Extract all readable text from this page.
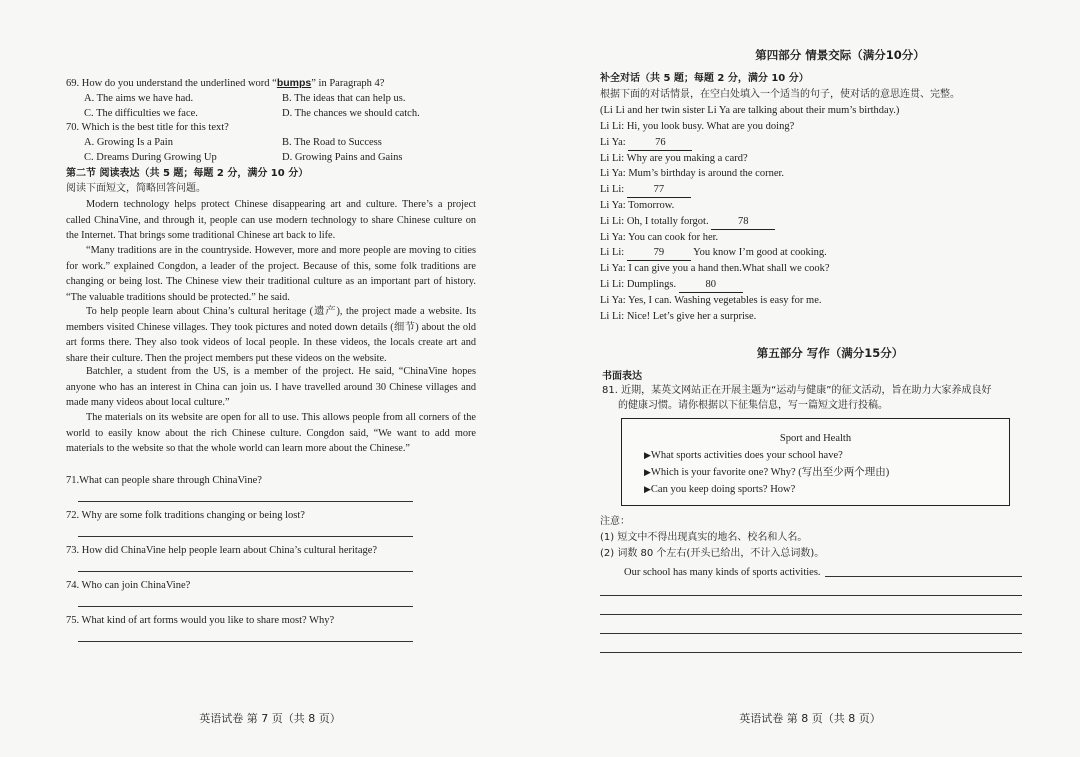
69. How do you understand the underlined word “bumps” in Paragraph 4?
A. The aims we have had.	B. The ideas that can help us.
C. The difficulties we face.	D. The chances we should catch.
70. Which is the best title for this text?
A. Growing Is a Pain	B. The Road to Success
C. Dreams During Growing Up	D. Growing Pains and Gains
第二节 阅读表达（共 5 题；每题 2 分，满分 10 分）
阅读下面短文，简略回答问题。
Modern technology helps protect Chinese disappearing art and culture. There’s a project called ChinaVine, and through it, people can use modern technology to share Chinese culture on the Internet. That brings some traditional Chinese art back to life.
“Many traditions are in the countryside. However, more and more people are moving to cities for work.” explained Congdon, a leader of the project. Because of this, some folk traditions are changing or being lost. The Chinese view their traditional culture as an important part of history. “The valuable traditions should be protected.” he said.
To help people learn about China’s cultural heritage (遗产), the project made a website. Its members visited Chinese villages. They took pictures and noted down details (细节) about the old art forms there. They also took videos of local people. In these videos, the locals create art and share their culture. Then the project members put these videos on the website.
Batchler, a student from the US, is a member of the project. He said, “ChinaVine hopes anyone who has an interest in China can join us. I have travelled around 30 Chinese villages and made many videos about local culture.”
The materials on its website are open for all to use. This allows people from all corners of the world to easily know about the rich Chinese culture. Congdon said, “We want to add more materials to the website so that the whole world can learn more about the Chinese.”
71.What can people share through ChinaVine?
72. Why are some folk traditions changing or being lost?
73. How did ChinaVine help people learn about China’s cultural heritage?
74. Who can join ChinaVine?
75. What kind of art forms would you like to share most? Why?
英语试卷 第 7 页（共 8 页）
第四部分 情景交际（满分10分）
补全对话（共 5 题；每题 2 分，满分 10 分）
根据下面的对话情景，在空白处填入一个适当的句子，使对话的意思连贯、完整。
(Li Li and her twin sister Li Ya are talking about their mum’s birthday.)
Li Li: Hi, you look busy. What are you doing?
Li Ya:	76
Li Li: Why are you making a card?
Li Ya: Mum’s birthday is around the corner.
Li Li:	77
Li Ya: Tomorrow.
Li Li: Oh, I totally forgot.	78
Li Ya: You can cook for her.
Li Li:	79	You know I’m good at cooking.
Li Ya: I can give you a hand then.What shall we cook?
Li Li: Dumplings.	80
Li Ya: Yes, I can. Washing vegetables is easy for me.
Li Li: Nice! Let’s give her a surprise.
第五部分 写作（满分15分）
书面表达
81. 近期，某英文网站正在开展主题为“运动与健康”的征文活动，旨在助力大家养成良好
的健康习惯。请你根据以下征集信息，写一篇短文进行投稿。
Sport and Health
▶What sports activities does your school have?
▶Which is your favorite one? Why? (写出至少两个理由)
▶Can you keep doing sports? How?
注意：
(1) 短文中不得出现真实的地名、校名和人名。
(2) 词数 80 个左右(开头已给出，不计入总词数)。
Our school has many kinds of sports activities.
英语试卷 第 8 页（共 8 页）
